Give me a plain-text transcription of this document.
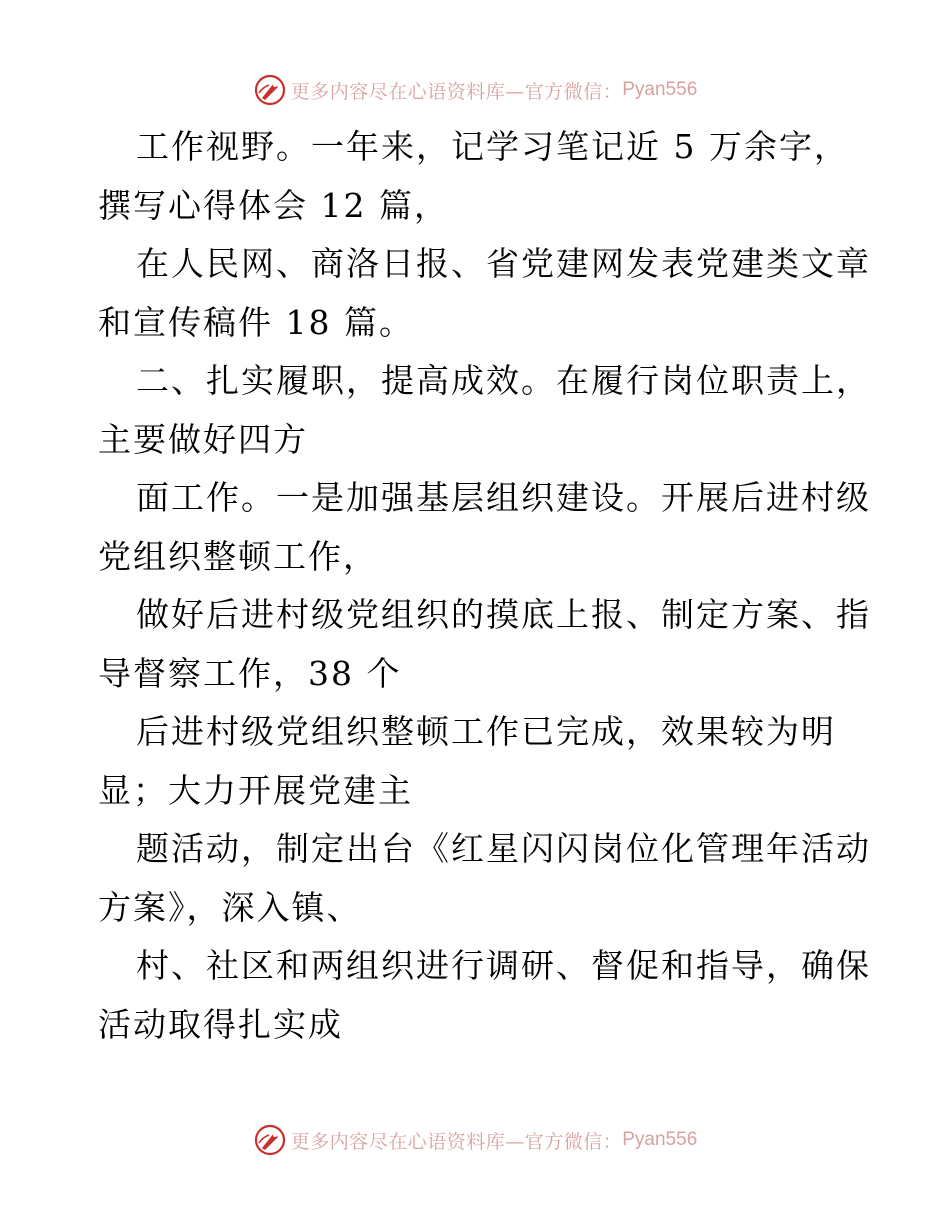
更多内容尽在心语资料库—官方微信： Pyan556
工作视野。一年来，记学习笔记近 5 万余字，
撰写心得体会 12 篇，
在人民网、商洛日报、省党建网发表党建类文章
和宣传稿件 18 篇。
二、扎实履职，提高成效。在履行岗位职责上，
主要做好四方
面工作。一是加强基层组织建设。开展后进村级
党组织整顿工作，
做好后进村级党组织的摸底上报、制定方案、指
导督察工作，38 个
后进村级党组织整顿工作已完成，效果较为明
显；大力开展党建主
题活动，制定出台《红星闪闪岗位化管理年活动
方案》，深入镇、
村、社区和两组织进行调研、督促和指导，确保
活动取得扎实成
更多内容尽在心语资料库—官方微信： Pyan556
